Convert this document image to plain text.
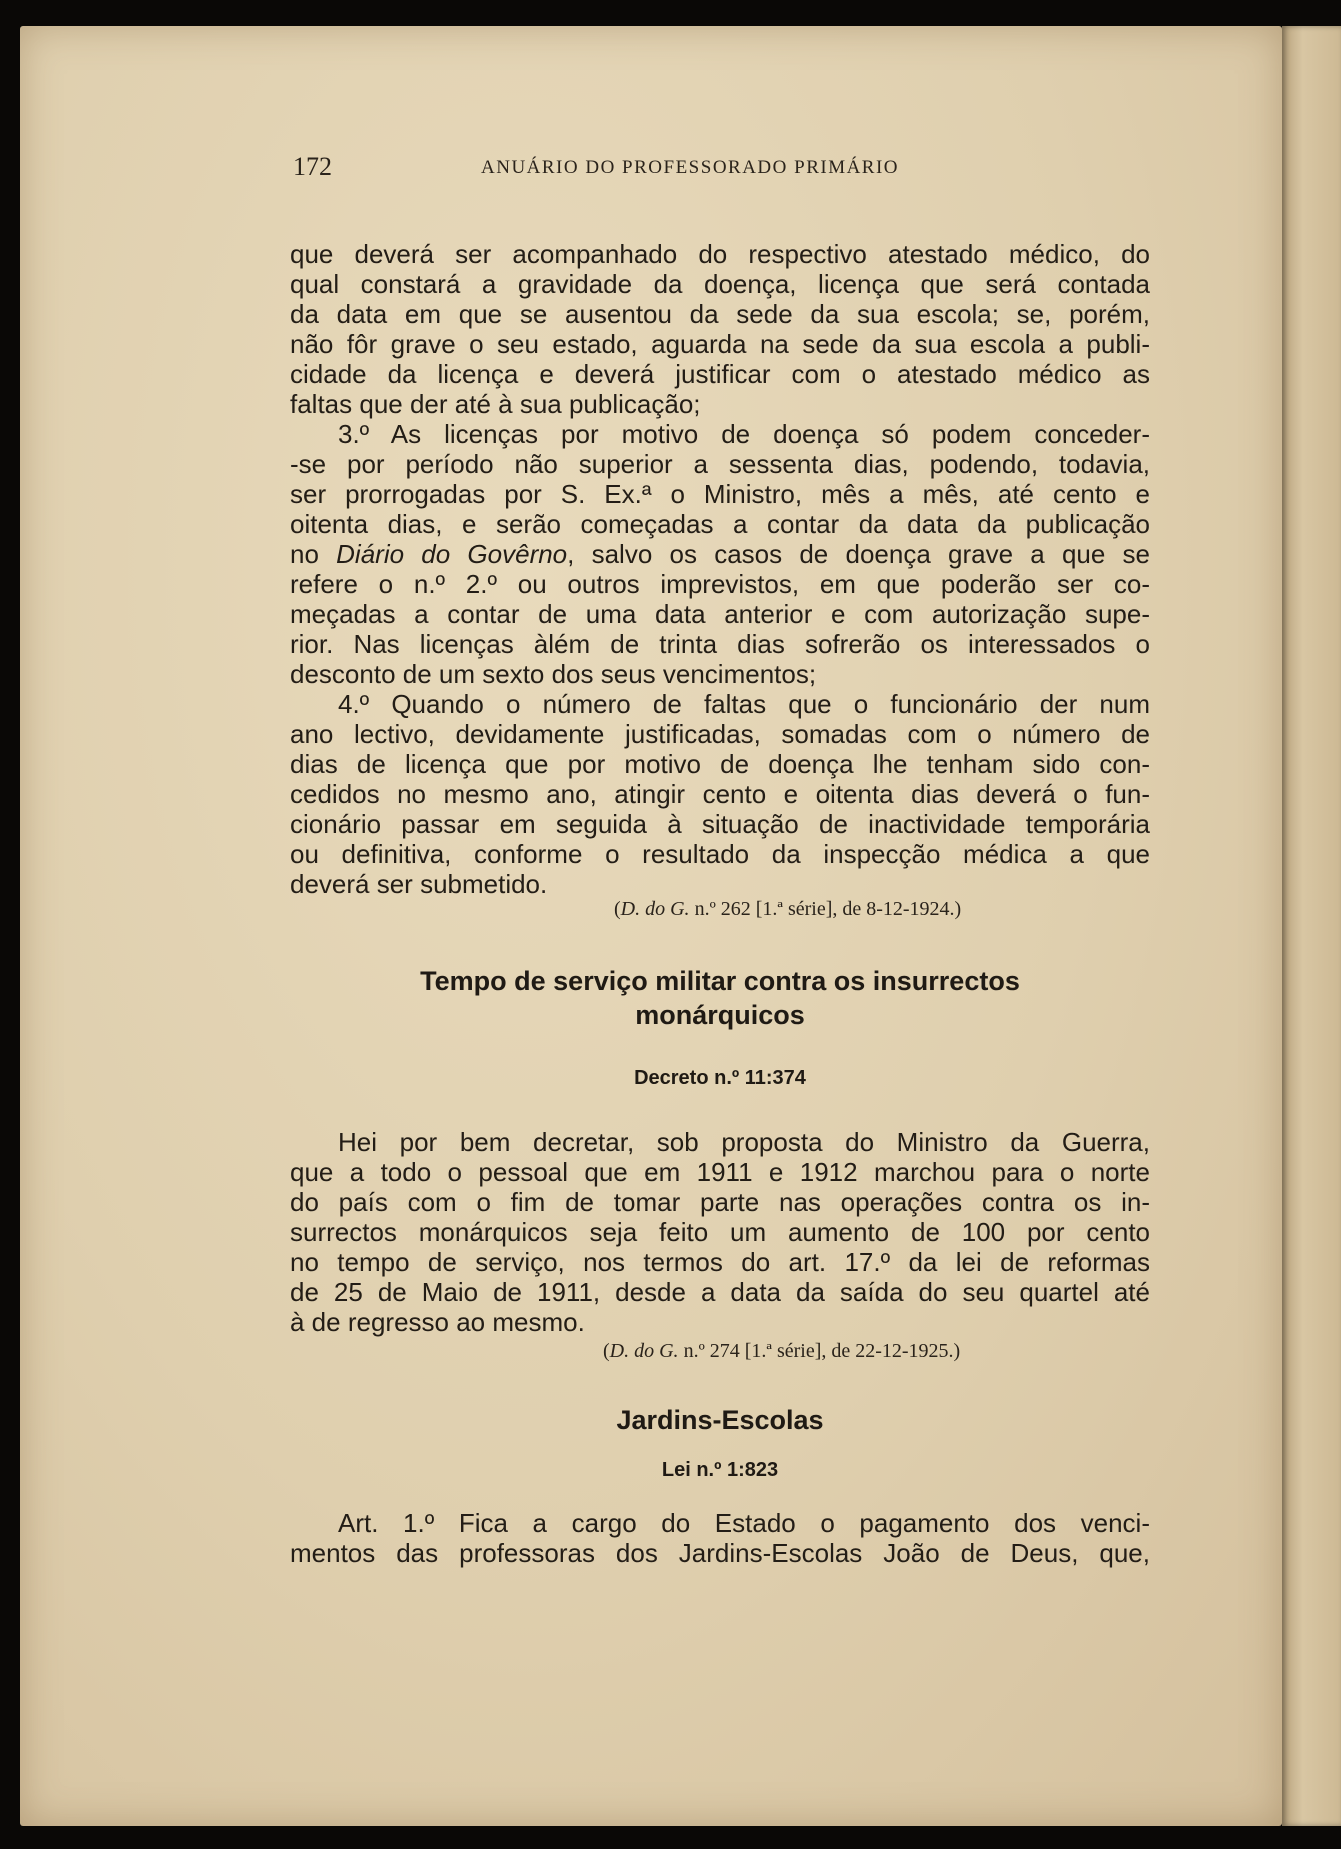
172	ANUÁRIO DO PROFESSORADO PRIMÁRIO
que deverá ser acompanhado do respectivo atestado médico, do
qual constará a gravidade da doença, licença que será contada
da data em que se ausentou da sede da sua escola; se, porém,
não fôr grave o seu estado, aguarda na sede da sua escola a publi-
cidade da licença e deverá justificar com o atestado médico as
faltas que der até à sua publicação;
3.º As licenças por motivo de doença só podem conceder-
-se por período não superior a sessenta dias, podendo, todavia,
ser prorrogadas por S. Ex.ª o Ministro, mês a mês, até cento e
oitenta dias, e serão começadas a contar da data da publicação
no Diário do Govêrno, salvo os casos de doença grave a que se
refere o n.º 2.º ou outros imprevistos, em que poderão ser co-
meçadas a contar de uma data anterior e com autorização supe-
rior. Nas licenças àlém de trinta dias sofrerão os interessados o
desconto de um sexto dos seus vencimentos;
4.º Quando o número de faltas que o funcionário der num
ano lectivo, devidamente justificadas, somadas com o número de
dias de licença que por motivo de doença lhe tenham sido con-
cedidos no mesmo ano, atingir cento e oitenta dias deverá o fun-
cionário passar em seguida à situação de inactividade temporária
ou definitiva, conforme o resultado da inspecção médica a que
deverá ser submetido.
(D. do G. n.º 262 [1.ª série], de 8-12-1924.)
Tempo de serviço militar contra os insurrectos
monárquicos
Decreto n.º 11:374
Hei por bem decretar, sob proposta do Ministro da Guerra,
que a todo o pessoal que em 1911 e 1912 marchou para o norte
do país com o fim de tomar parte nas operações contra os in-
surrectos monárquicos seja feito um aumento de 100 por cento
no tempo de serviço, nos termos do art. 17.º da lei de reformas
de 25 de Maio de 1911, desde a data da saída do seu quartel até
à de regresso ao mesmo.
(D. do G. n.º 274 [1.ª série], de 22-12-1925.)
Jardins-Escolas
Lei n.º 1:823
Art. 1.º Fica a cargo do Estado o pagamento dos venci-
mentos das professoras dos Jardins-Escolas João de Deus, que,
